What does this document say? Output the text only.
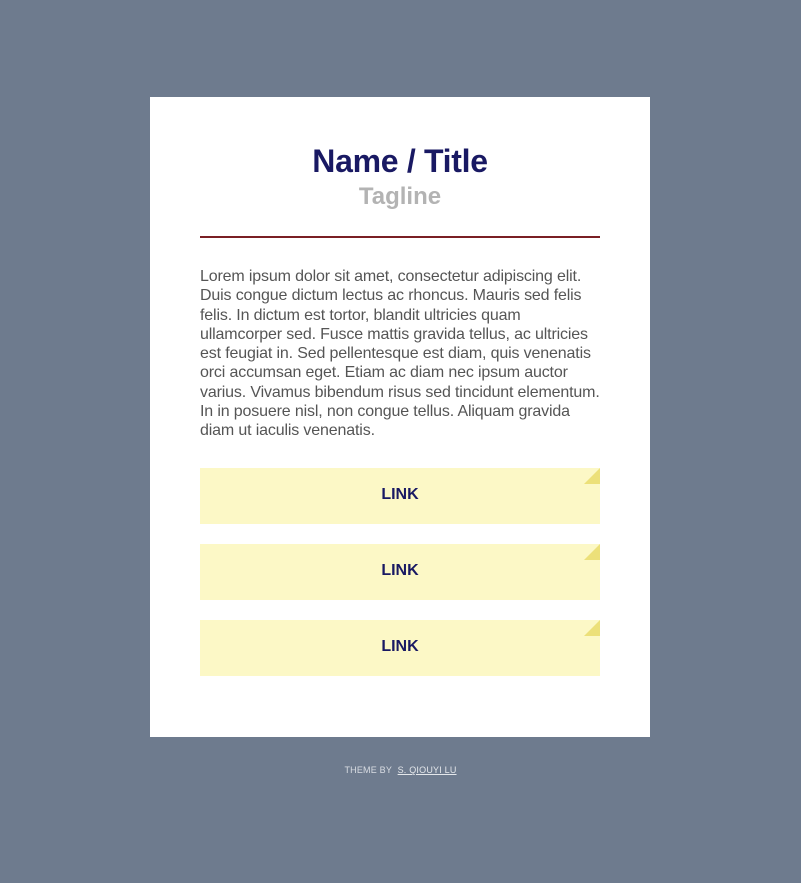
Name / Title
Tagline

Lorem ipsum dolor sit amet, consectetur adipiscing elit. Duis congue dictum lectus ac rhoncus. Mauris sed felis felis. In dictum est tortor, blandit ultricies quam ullamcorper sed. Fusce mattis gravida tellus, ac ultricies est feugiat in. Sed pellentesque est diam, quis venenatis orci accumsan eget. Etiam ac diam nec ipsum auctor varius. Vivamus bibendum risus sed tincidunt elementum. In in posuere nisl, non congue tellus. Aliquam gravida diam ut iaculis venenatis.

LINK
LINK
LINK
THEME BY S. QIOUYI LU
